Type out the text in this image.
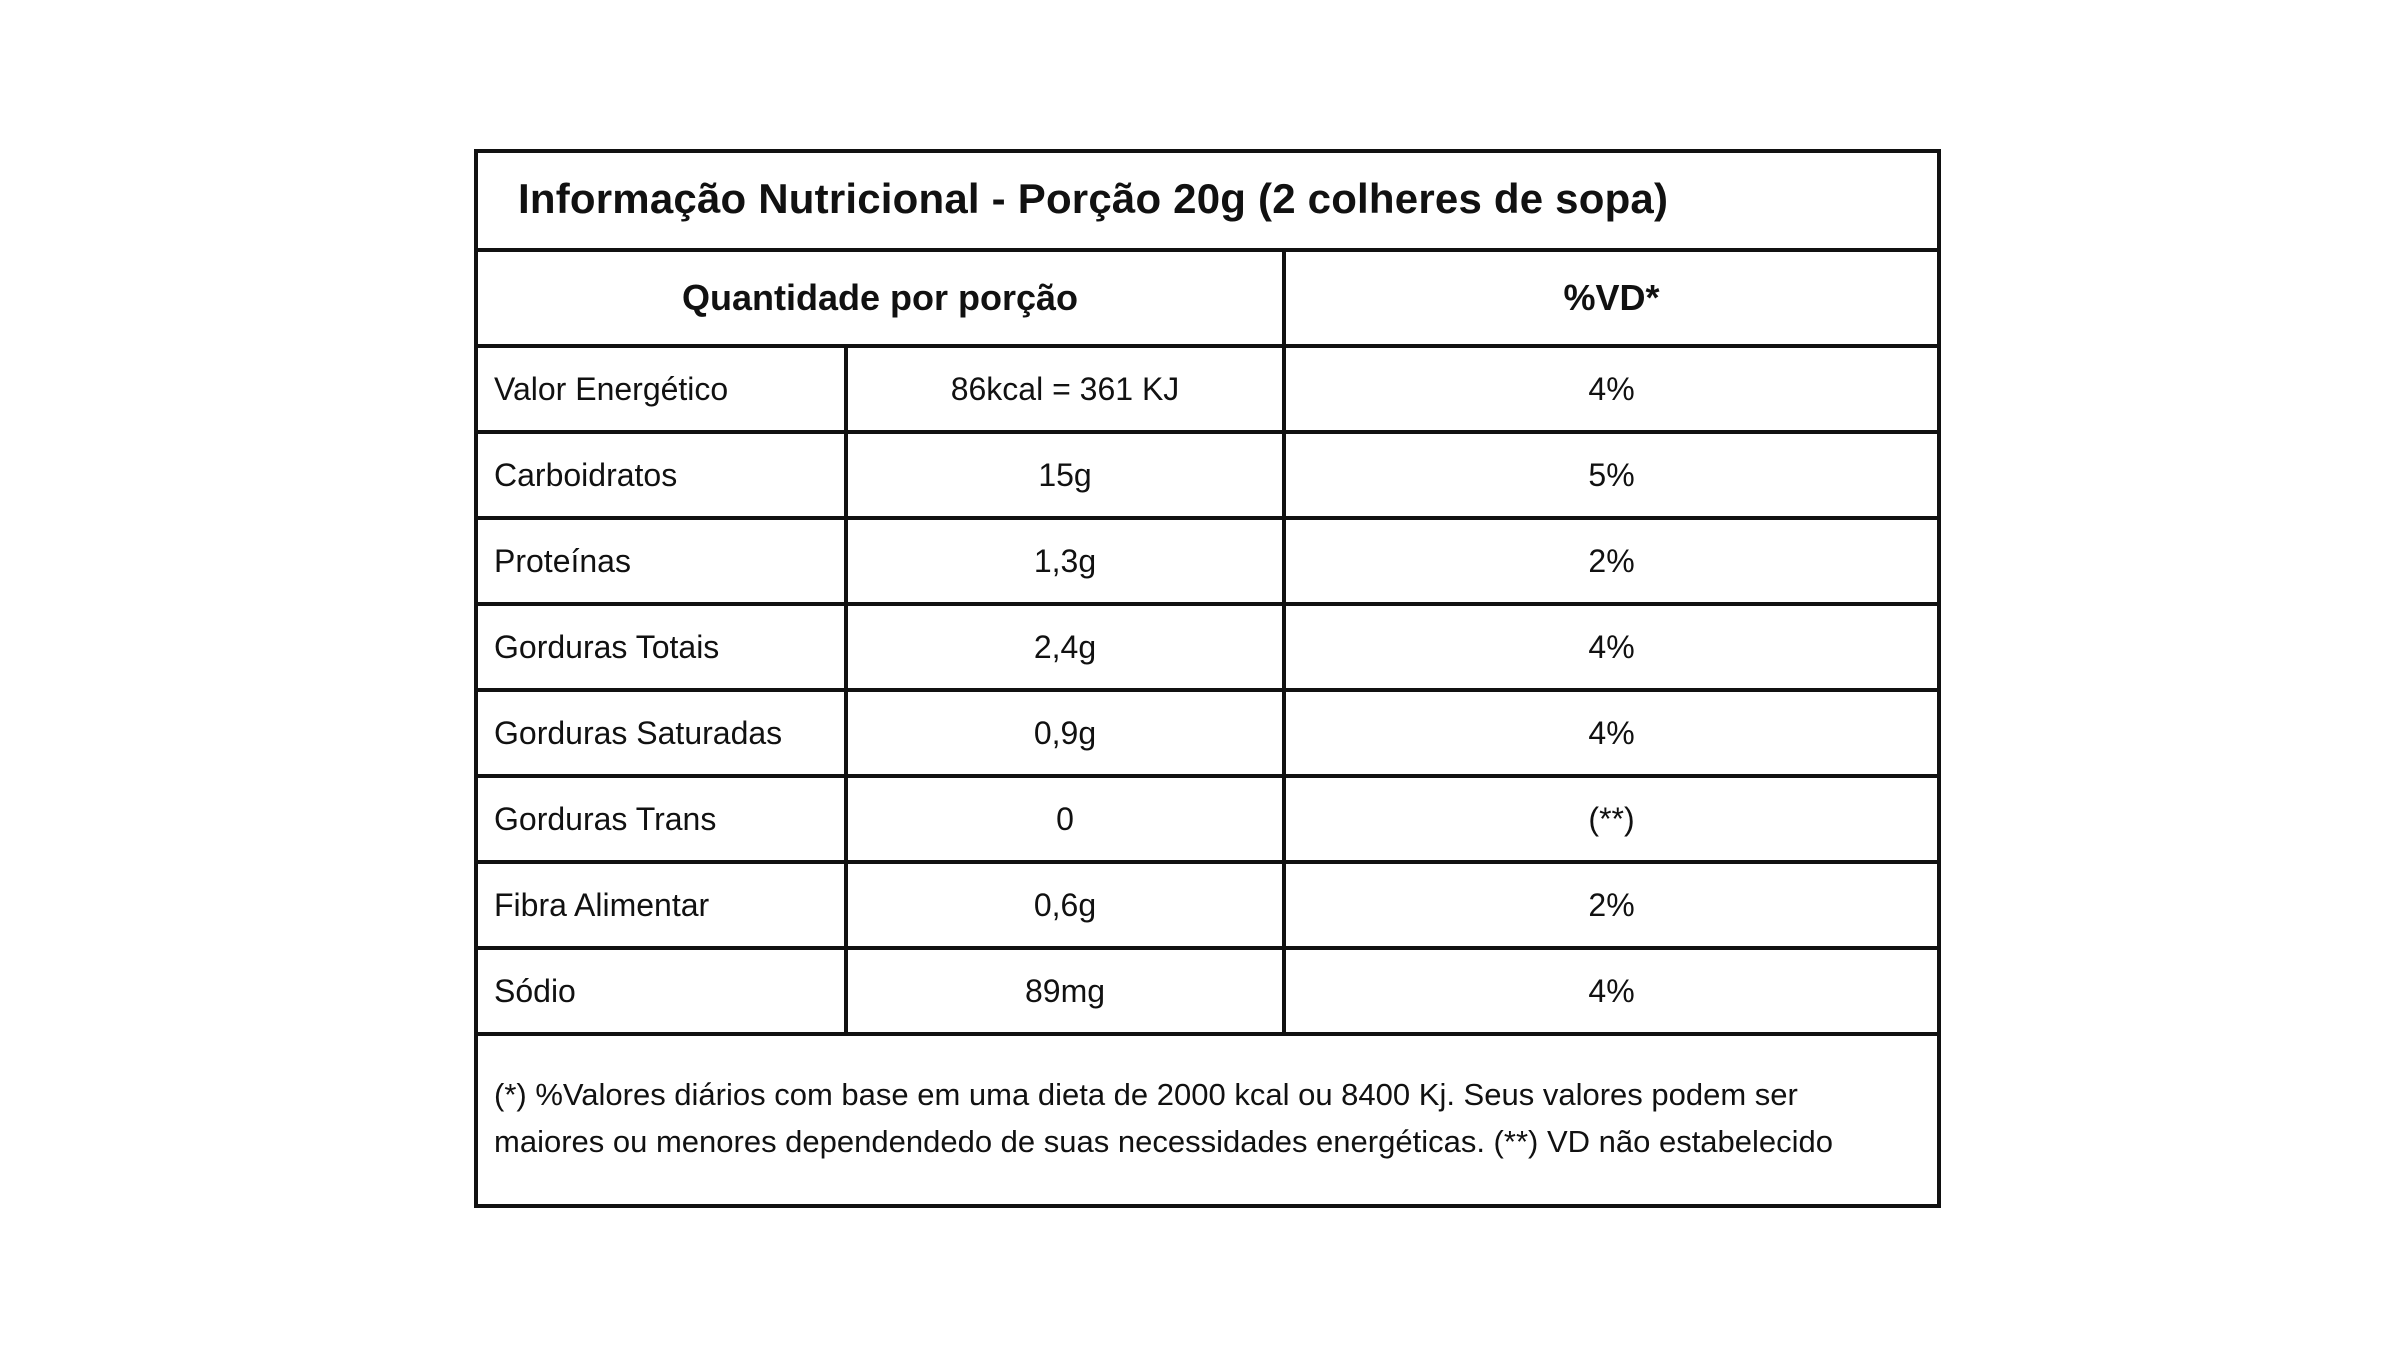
Informação Nutricional - Porção 20g (2 colheres de sopa)
Quantidade por porção		%VD*
Valor Energético	86kcal = 361 KJ	4%
Carboidratos	15g	5%
Proteínas	1,3g	2%
Gorduras Totais	2,4g	4%
Gorduras Saturadas	0,9g	4%
Gorduras Trans	0	(**)
Fibra Alimentar	0,6g	2%
Sódio	89mg	4%
(*) %Valores diários com base em uma dieta de 2000 kcal ou 8400 Kj. Seus valores podem ser
maiores ou menores dependendedo de suas necessidades energéticas. (**) VD não estabelecido
